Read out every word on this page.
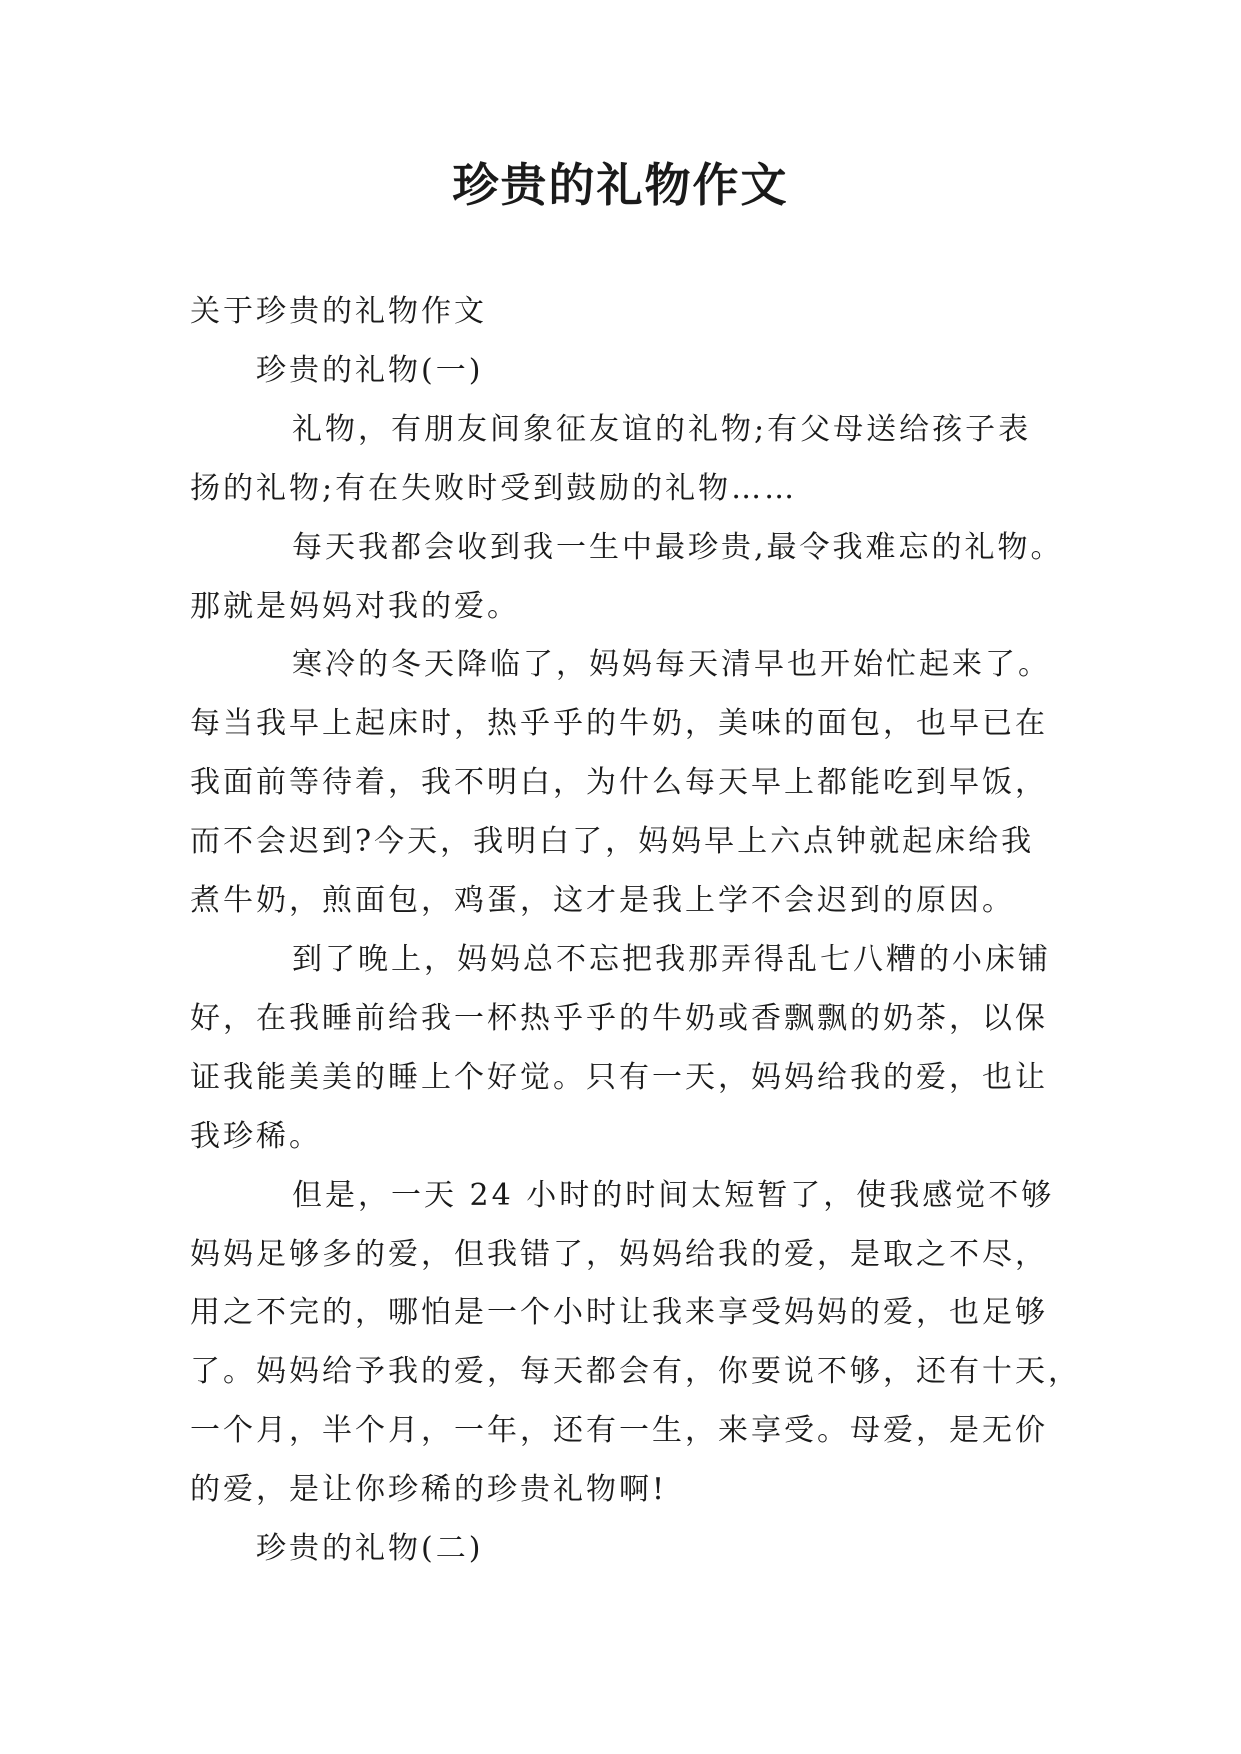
珍贵的礼物作文

关于珍贵的礼物作文

珍贵的礼物(一)

礼物，有朋友间象征友谊的礼物;有父母送给孩子表

扬的礼物;有在失败时受到鼓励的礼物……

每天我都会收到我一生中最珍贵,最令我难忘的礼物。

那就是妈妈对我的爱。

寒冷的冬天降临了，妈妈每天清早也开始忙起来了。

每当我早上起床时，热乎乎的牛奶，美味的面包，也早已在

我面前等待着，我不明白，为什么每天早上都能吃到早饭，

而不会迟到?今天，我明白了，妈妈早上六点钟就起床给我

煮牛奶，煎面包，鸡蛋，这才是我上学不会迟到的原因。

到了晚上，妈妈总不忘把我那弄得乱七八糟的小床铺

好，在我睡前给我一杯热乎乎的牛奶或香飘飘的奶茶，以保

证我能美美的睡上个好觉。只有一天，妈妈给我的爱，也让

我珍稀。

但是，一天 24 小时的时间太短暂了，使我感觉不够

妈妈足够多的爱，但我错了，妈妈给我的爱，是取之不尽，

用之不完的，哪怕是一个小时让我来享受妈妈的爱，也足够

了。妈妈给予我的爱，每天都会有，你要说不够，还有十天，

一个月，半个月，一年，还有一生，来享受。母爱，是无价

的爱，是让你珍稀的珍贵礼物啊!

珍贵的礼物(二)
